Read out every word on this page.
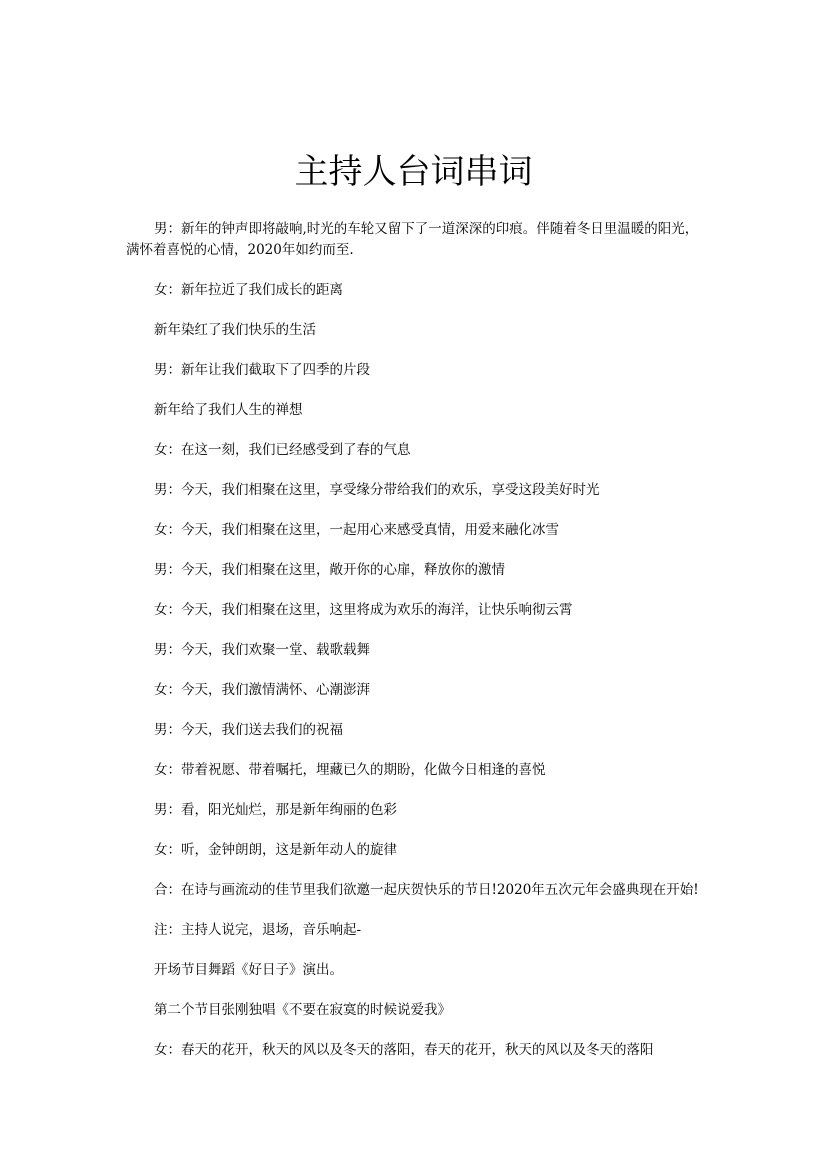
主持人台词串词

男：新年的钟声即将敲响,时光的车轮又留下了一道深深的印痕。伴随着冬日里温暖的阳光，满怀着喜悦的心情，2020年如约而至.

女：新年拉近了我们成长的距离

新年染红了我们快乐的生活

男：新年让我们截取下了四季的片段

新年给了我们人生的禅想

女：在这一刻，我们已经感受到了春的气息

男：今天，我们相聚在这里，享受缘分带给我们的欢乐，享受这段美好时光

女：今天，我们相聚在这里，一起用心来感受真情，用爱来融化冰雪

男：今天，我们相聚在这里，敞开你的心扉，释放你的激情

女：今天，我们相聚在这里，这里将成为欢乐的海洋，让快乐响彻云霄

男：今天，我们欢聚一堂、载歌载舞

女：今天，我们激情满怀、心潮澎湃

男：今天，我们送去我们的祝福

女：带着祝愿、带着嘱托，埋藏已久的期盼，化做今日相逢的喜悦

男：看，阳光灿烂，那是新年绚丽的色彩

女：听，金钟朗朗，这是新年动人的旋律

合：在诗与画流动的佳节里我们欲邀一起庆贺快乐的节日!2020年五次元年会盛典现在开始!

注：主持人说完，退场，音乐响起-

开场节目舞蹈《好日子》演出。

第二个节目张刚独唱《不要在寂寞的时候说爱我》

女：春天的花开，秋天的风以及冬天的落阳，春天的花开，秋天的风以及冬天的落阳
